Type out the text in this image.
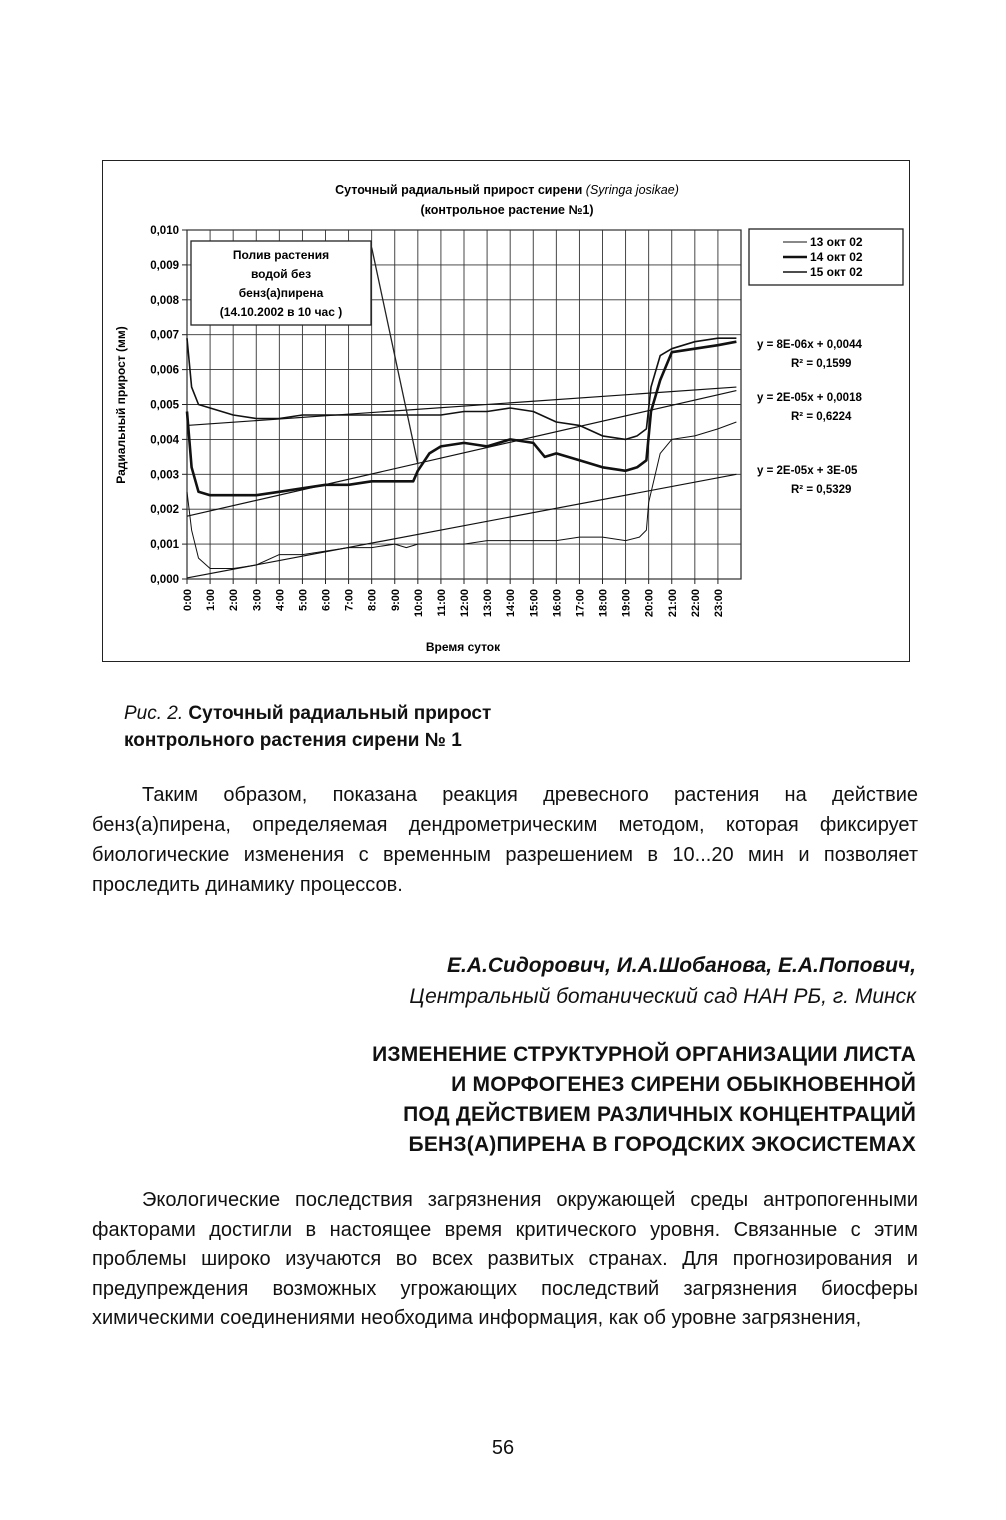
Суточный радиальный прирост сирени (Syringa josikae)
(контрольное растение №1)
0,000
0,001
0,002
0,003
0,004
0,005
0,006
0,007
0,008
0,009
0,010
0:00 1:00 2:00 3:00 4:00 5:00 6:00 7:00 8:00 9:00 10:00 11:00 12:00 13:00 14:00 15:00 16:00 17:00 18:00 19:00 20:00 21:00 22:00 23:00
Полив растения
водой без
бенз(а)пирена
(14.10.2002 в 10 час )
13 окт 02
14 окт 02
15 окт 02
y = 8E-06x + 0,0044
R² = 0,1599
y = 2E-05x + 0,0018
R² = 0,6224
y = 2E-05x + 3E-05
R² = 0,5329
Радиальный прирост (мм)
Время суток
Рис. 2. Суточный радиальный прирост
контрольного растения сирени № 1

Таким образом, показана реакция древесного растения на действие бенз(а)пирена, определяемая дендрометрическим методом, которая фиксирует биологические изменения с временным разрешением в 10...20 мин и позволяет проследить динамику процессов.

Е.А.Сидорович, И.А.Шобанова, Е.А.Попович,
Центральный ботанический сад НАН РБ, г. Минск
ИЗМЕНЕНИЕ СТРУКТУРНОЙ ОРГАНИЗАЦИИ ЛИСТА
И МОРФОГЕНЕЗ СИРЕНИ ОБЫКНОВЕННОЙ
ПОД ДЕЙСТВИЕМ РАЗЛИЧНЫХ КОНЦЕНТРАЦИЙ
БЕНЗ(А)ПИРЕНА В ГОРОДСКИХ ЭКОСИСТЕМАХ

Экологические последствия загрязнения окружающей среды антропогенными факторами достигли в настоящее время критического уровня. Связанные с этим проблемы широко изучаются во всех развитых странах. Для прогнозирования и предупреждения возможных угрожающих последствий загрязнения биосферы химическими соединениями необходима информация, как об уровне загрязнения,

56
